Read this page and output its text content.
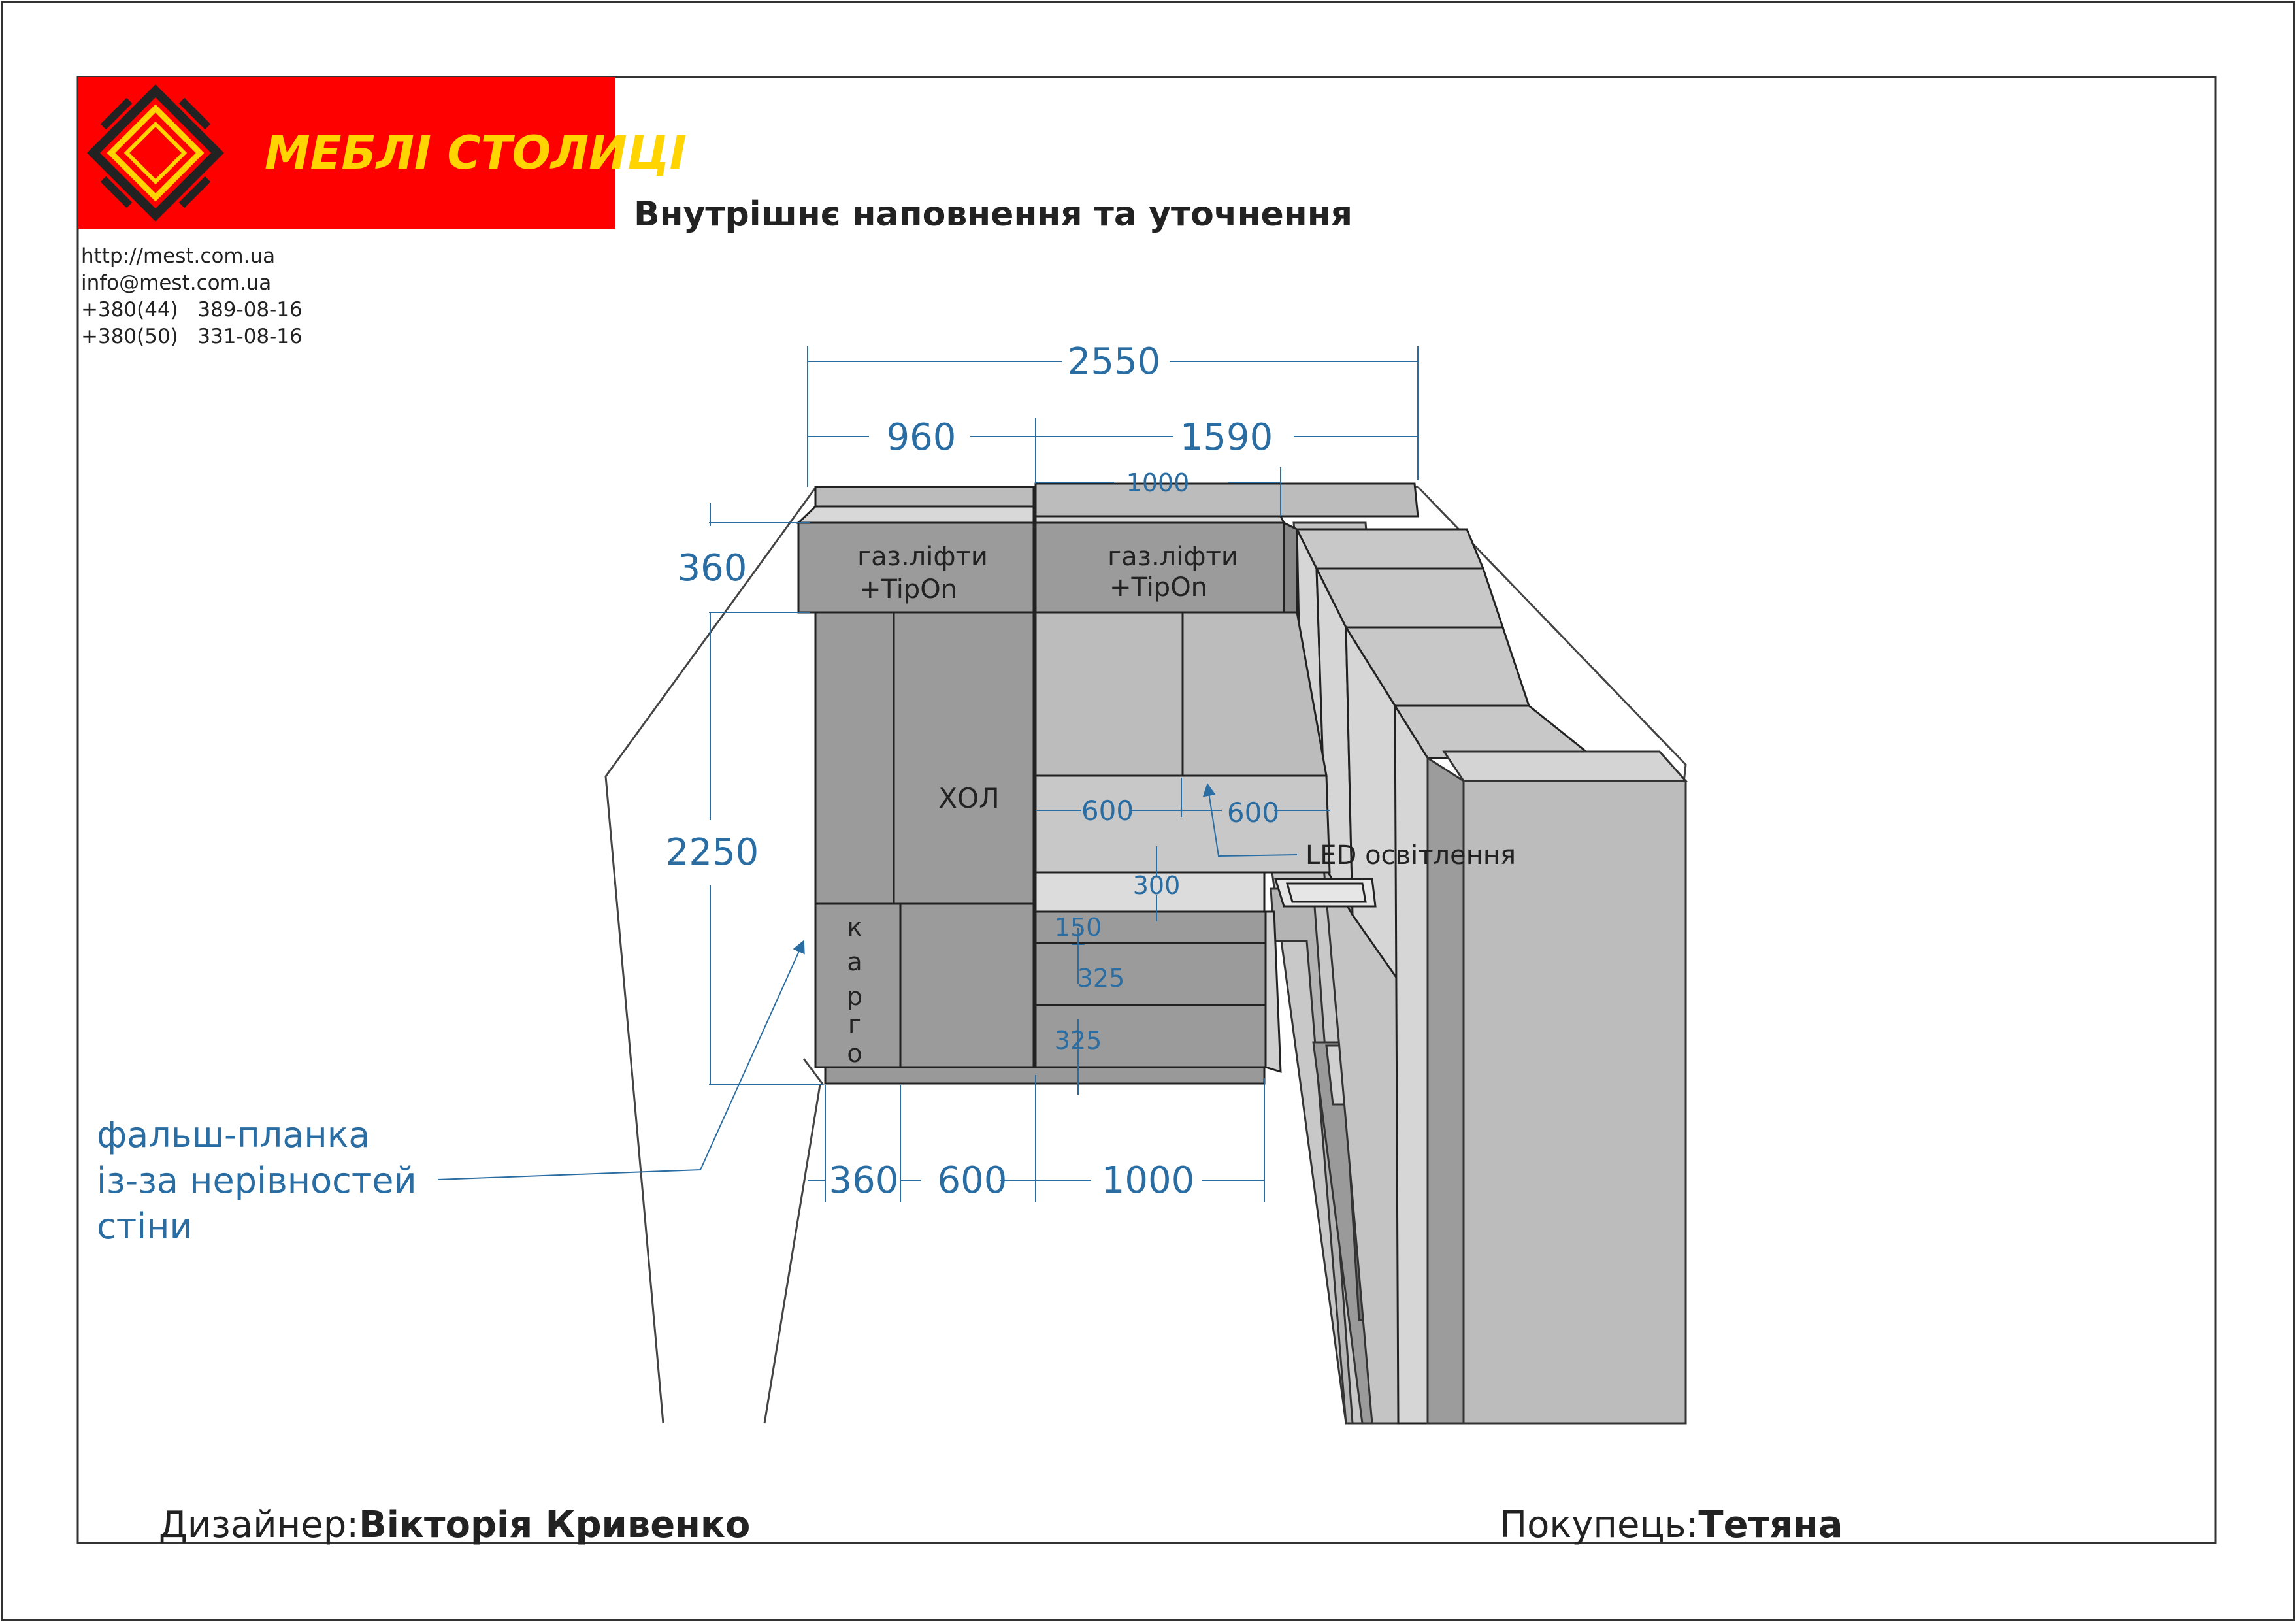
МЕБЛІ СТОЛИЦІ
2550
960	1590
1000
360
2250
600	600
300
150
325
325
360 600	1000
газ.ліфти
+TipOn
газ.ліфти
+TipOn
ХОЛ
LED освітлення
к
а
р
г
о
фальш-планка
із-за нерівностей
стіни
Внутрішнє наповнення та уточнення
Дизайнер:Вікторія Кривенко	Покупець:Тетяна
http://mest.com.ua
info@mest.com.ua
+380(44)   389-08-16
+380(50)   331-08-16
